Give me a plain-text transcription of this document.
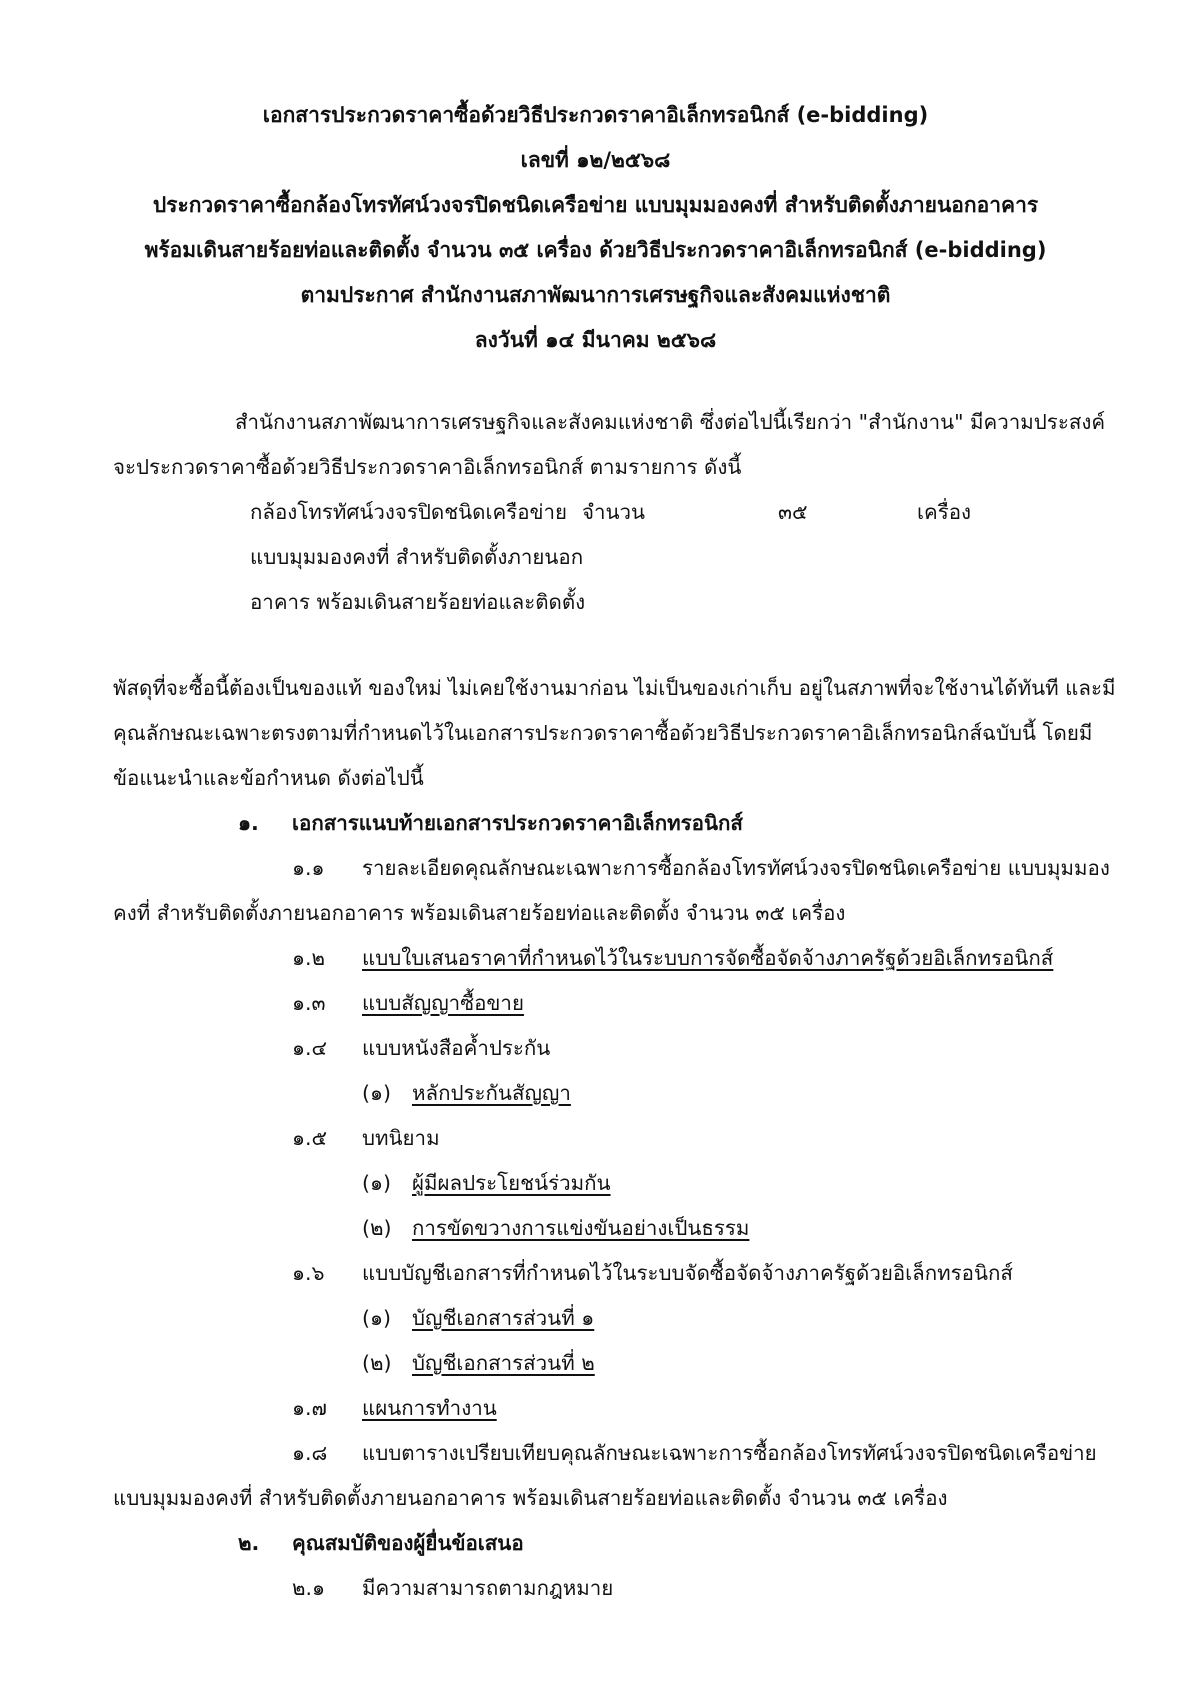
เอกสารประกวดราคาซื้อด้วยวิธีประกวดราคาอิเล็กทรอนิกส์ (e-bidding)
เลขที่ ๑๒/๒๕๖๘
ประกวดราคาซื้อกล้องโทรทัศน์วงจรปิดชนิดเครือข่าย แบบมุมมองคงที่ สำหรับติดตั้งภายนอกอาคาร
พร้อมเดินสายร้อยท่อและติดตั้ง จำนวน ๓๕ เครื่อง ด้วยวิธีประกวดราคาอิเล็กทรอนิกส์ (e-bidding)
ตามประกาศ สำนักงานสภาพัฒนาการเศรษฐกิจและสังคมแห่งชาติ
ลงวันที่ ๑๔ มีนาคม ๒๕๖๘
สำนักงานสภาพัฒนาการเศรษฐกิจและสังคมแห่งชาติ ซึ่งต่อไปนี้เรียกว่า "สำนักงาน" มีความประสงค์
จะประกวดราคาซื้อด้วยวิธีประกวดราคาอิเล็กทรอนิกส์ ตามรายการ ดังนี้
กล้องโทรทัศน์วงจรปิดชนิดเครือข่าย จำนวน	๓๕	เครื่อง
แบบมุมมองคงที่ สำหรับติดตั้งภายนอก
อาคาร พร้อมเดินสายร้อยท่อและติดตั้ง
พัสดุที่จะซื้อนี้ต้องเป็นของแท้ ของใหม่ ไม่เคยใช้งานมาก่อน ไม่เป็นของเก่าเก็บ อยู่ในสภาพที่จะใช้งานได้ทันที และมี
คุณลักษณะเฉพาะตรงตามที่กำหนดไว้ในเอกสารประกวดราคาซื้อด้วยวิธีประกวดราคาอิเล็กทรอนิกส์ฉบับนี้ โดยมี
ข้อแนะนำและข้อกำหนด ดังต่อไปนี้
๑. เอกสารแนบท้ายเอกสารประกวดราคาอิเล็กทรอนิกส์
๑.๑ รายละเอียดคุณลักษณะเฉพาะการซื้อกล้องโทรทัศน์วงจรปิดชนิดเครือข่าย แบบมุมมอง
คงที่ สำหรับติดตั้งภายนอกอาคาร พร้อมเดินสายร้อยท่อและติดตั้ง จำนวน ๓๕ เครื่อง
๑.๒ แบบใบเสนอราคาที่กำหนดไว้ในระบบการจัดซื้อจัดจ้างภาครัฐด้วยอิเล็กทรอนิกส์
๑.๓ แบบสัญญาซื้อขาย
๑.๔ แบบหนังสือค้ำประกัน
(๑) หลักประกันสัญญา
๑.๕ บทนิยาม
(๑) ผู้มีผลประโยชน์ร่วมกัน
(๒) การขัดขวางการแข่งขันอย่างเป็นธรรม
๑.๖ แบบบัญชีเอกสารที่กำหนดไว้ในระบบจัดซื้อจัดจ้างภาครัฐด้วยอิเล็กทรอนิกส์
(๑) บัญชีเอกสารส่วนที่ ๑
(๒) บัญชีเอกสารส่วนที่ ๒
๑.๗ แผนการทำงาน
๑.๘ แบบตารางเปรียบเทียบคุณลักษณะเฉพาะการซื้อกล้องโทรทัศน์วงจรปิดชนิดเครือข่าย
แบบมุมมองคงที่ สำหรับติดตั้งภายนอกอาคาร พร้อมเดินสายร้อยท่อและติดตั้ง จำนวน ๓๕ เครื่อง
๒. คุณสมบัติของผู้ยื่นข้อเสนอ
๒.๑ มีความสามารถตามกฎหมาย
